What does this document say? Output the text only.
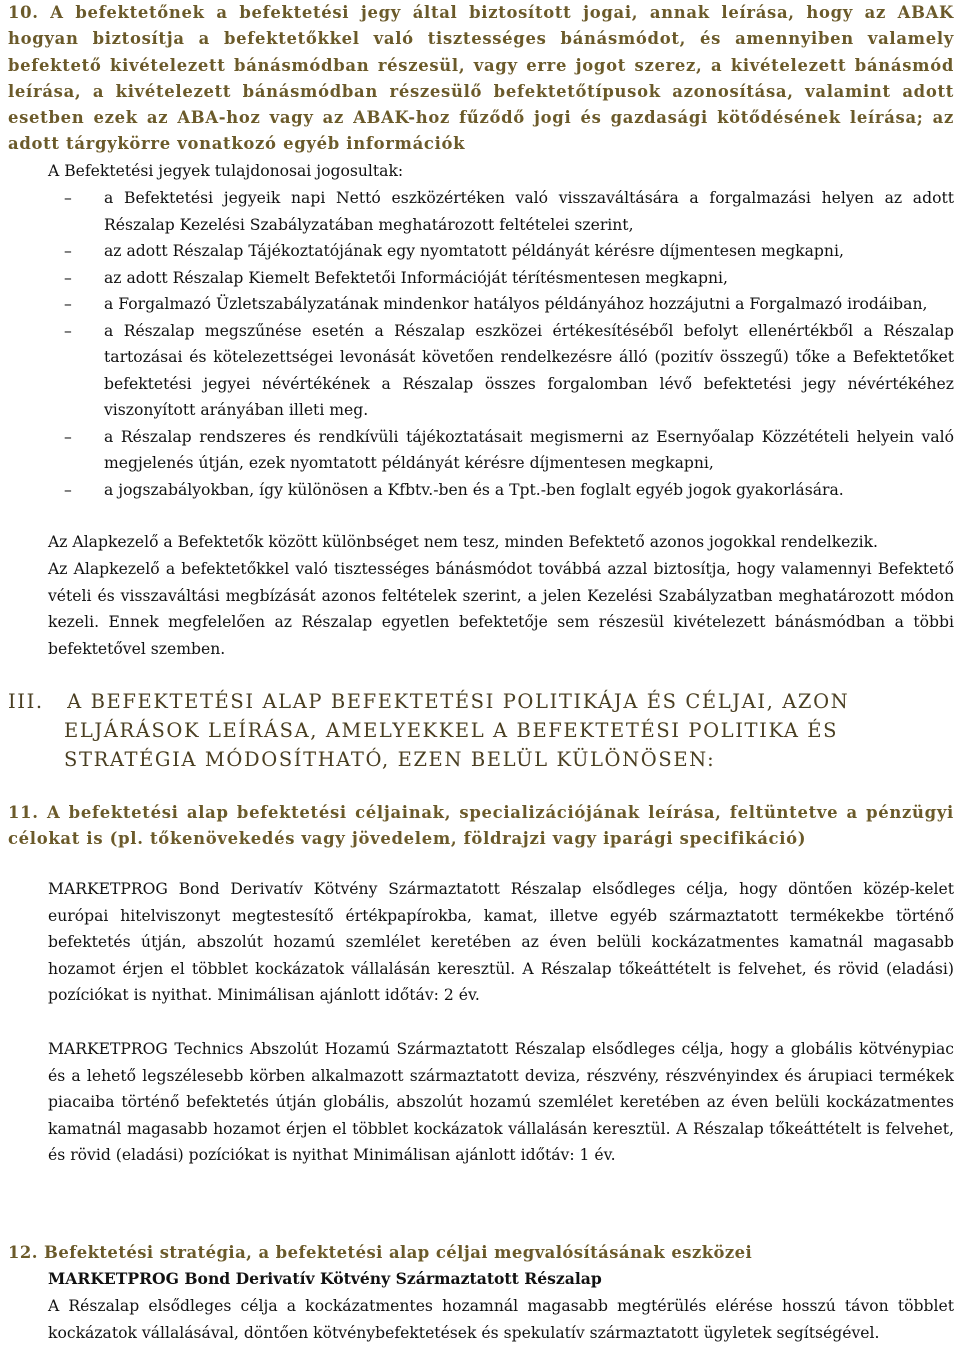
10. A befektetőnek a befektetési jegy által biztosított jogai, annak leírása, hogy az ABAK hogyan biztosítja a befektetőkkel való tisztességes bánásmódot, és amennyiben valamely befektető kivételezett bánásmódban részesül, vagy erre jogot szerez, a kivételezett bánásmód leírása, a kivételezett bánásmódban részesülő befektetőtípusok azonosítása, valamint adott esetben ezek az ABA-hoz vagy az ABAK-hoz fűződő jogi és gazdasági kötődésének leírása; az adott tárgykörre vonatkozó egyéb információk
A Befektetési jegyek tulajdonosai jogosultak:
– a Befektetési jegyeik napi Nettó eszközértéken való visszaváltására a forgalmazási helyen az adott Részalap Kezelési Szabályzatában meghatározott feltételei szerint,
– az adott Részalap Tájékoztatójának egy nyomtatott példányát kérésre díjmentesen megkapni,
– az adott Részalap Kiemelt Befektetői Információját térítésmentesen megkapni,
– a Forgalmazó Üzletszabályzatának mindenkor hatályos példányához hozzájutni a Forgalmazó irodáiban,
– a Részalap megszűnése esetén a Részalap eszközei értékesítéséből befolyt ellenértékből a Részalap tartozásai és kötelezettségei levonását követően rendelkezésre álló (pozitív összegű) tőke a Befektetőket befektetési jegyei névértékének a Részalap összes forgalomban lévő befektetési jegy névértékéhez viszonyított arányában illeti meg.
– a Részalap rendszeres és rendkívüli tájékoztatásait megismerni az Esernyőalap Közzétételi helyein való megjelenés útján, ezek nyomtatott példányát kérésre díjmentesen megkapni,
– a jogszabályokban, így különösen a Kfbtv.-ben és a Tpt.-ben foglalt egyéb jogok gyakorlására.
Az Alapkezelő a Befektetők között különbséget nem tesz, minden Befektető azonos jogokkal rendelkezik.
Az Alapkezelő a befektetőkkel való tisztességes bánásmódot továbbá azzal biztosítja, hogy valamennyi Befektető vételi és visszaváltási megbízását azonos feltételek szerint, a jelen Kezelési Szabályzatban meghatározott módon kezeli. Ennek megfelelően az Részalap egyetlen befektetője sem részesül kivételezett bánásmódban a többi befektetővel szemben.
III. A BEFEKTETÉSI ALAP BEFEKTETÉSI POLITIKÁJA ÉS CÉLJAI, AZON
ELJÁRÁSOK LEÍRÁSA, AMELYEKKEL A BEFEKTETÉSI POLITIKA ÉS
STRATÉGIA MÓDOSÍTHATÓ, EZEN BELÜL KÜLÖNÖSEN:
11. A befektetési alap befektetési céljainak, specializációjának leírása, feltüntetve a pénzügyi célokat is (pl. tőkenövekedés vagy jövedelem, földrajzi vagy iparági specifikáció)
MARKETPROG Bond Derivatív Kötvény Származtatott Részalap elsődleges célja, hogy döntően közép-kelet európai hitelviszonyt megtestesítő értékpapírokba, kamat, illetve egyéb származtatott termékekbe történő befektetés útján, abszolút hozamú szemlélet keretében az éven belüli kockázatmentes kamatnál magasabb hozamot érjen el többlet kockázatok vállalásán keresztül. A Részalap tőkeáttételt is felvehet, és rövid (eladási) pozíciókat is nyithat. Minimálisan ajánlott időtáv: 2 év.
MARKETPROG Technics Abszolút Hozamú Származtatott Részalap elsődleges célja, hogy a globális kötvénypiac és a lehető legszélesebb körben alkalmazott származtatott deviza, részvény, részvényindex és árupiaci termékek piacaiba történő befektetés útján globális, abszolút hozamú szemlélet keretében az éven belüli kockázatmentes kamatnál magasabb hozamot érjen el többlet kockázatok vállalásán keresztül. A Részalap tőkeáttételt is felvehet, és rövid (eladási) pozíciókat is nyithat Minimálisan ajánlott időtáv: 1 év.
12. Befektetési stratégia, a befektetési alap céljai megvalósításának eszközei
MARKETPROG Bond Derivatív Kötvény Származtatott Részalap
A Részalap elsődleges célja a kockázatmentes hozamnál magasabb megtérülés elérése hosszú távon többlet kockázatok vállalásával, döntően kötvénybefektetések és spekulatív származtatott ügyletek segítségével.
